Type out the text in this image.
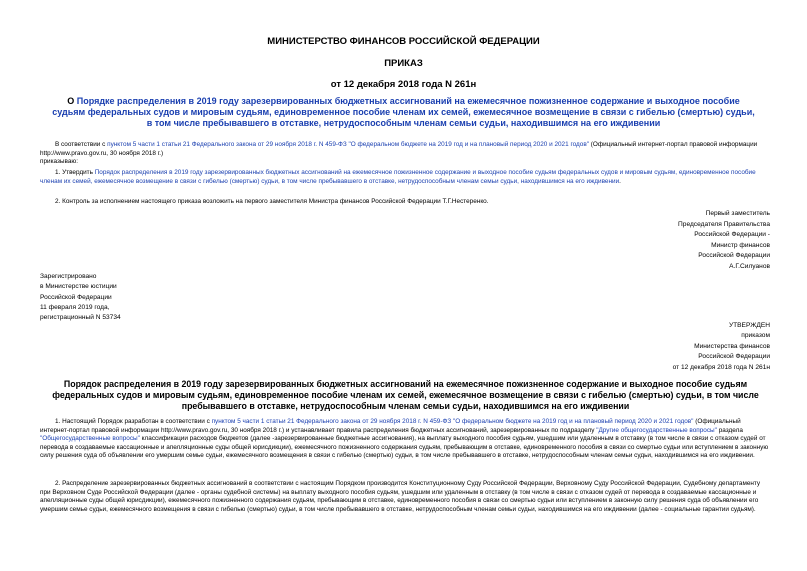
МИНИСТЕРСТВО ФИНАНСОВ РОССИЙСКОЙ ФЕДЕРАЦИИ
ПРИКАЗ
от 12 декабря 2018 года N 261н
О Порядке распределения в 2019 году зарезервированных бюджетных ассигнований на ежемесячное пожизненное содержание и выходное пособие судьям федеральных судов и мировым судьям, единовременное пособие членам их семей, ежемесячное возмещение в связи с гибелью (смертью) судьи, в том числе пребывавшего в отставке, нетрудоспособным членам семьи судьи, находившимся на его иждивении
В соответствии с пунктом 5 части 1 статьи 21 Федерального закона от 29 ноября 2018 г. N 459-ФЗ "О федеральном бюджете на 2019 год и на плановый период 2020 и 2021 годов" (Официальный интернет-портал правовой информации http://www.pravo.gov.ru, 30 ноября 2018 г.)
приказываю:
1. Утвердить Порядок распределения в 2019 году зарезервированных бюджетных ассигнований на ежемесячное пожизненное содержание и выходное пособие судьям федеральных судов и мировым судьям, единовременное пособие членам их семей, ежемесячное возмещение в связи с гибелью (смертью) судьи, в том числе пребывавшего в отставке, нетрудоспособным членам семьи судьи, находившимся на его иждивении.
2. Контроль за исполнением настоящего приказа возложить на первого заместителя Министра финансов Российской Федерации Т.Г.Нестеренко.
Первый заместитель
Председателя Правительства
Российской Федерации -
Министр финансов
Российской Федерации
А.Г.Силуанов
Зарегистрировано
в Министерстве юстиции
Российской Федерации
11 февраля 2019 года,
регистрационный N 53734
УТВЕРЖДЕН
приказом
Министерства финансов
Российской Федерации
от 12 декабря 2018 года N 261н
Порядок распределения в 2019 году зарезервированных бюджетных ассигнований на ежемесячное пожизненное содержание и выходное пособие судьям федеральных судов и мировым судьям, единовременное пособие членам их семей, ежемесячное возмещение в связи с гибелью (смертью) судьи, в том числе пребывавшего в отставке, нетрудоспособным членам семьи судьи, находившимся на его иждивении
1. Настоящий Порядок разработан в соответствии с пунктом 5 части 1 статьи 21 Федерального закона от 29 ноября 2018 г. N 459-ФЗ "О федеральном бюджете на 2019 год и на плановый период 2020 и 2021 годов" (Официальный интернет-портал правовой информации http://www.pravo.gov.ru, 30 ноября 2018 г.) и устанавливает правила распределения бюджетных ассигнований, зарезервированных по подразделу "Другие общегосударственные вопросы" раздела "Общегосударственные вопросы" классификации расходов бюджетов (далее -зарезервированные бюджетные ассигнования), на выплату выходного пособия судьям, ушедшим или удаленным в отставку (в том числе в связи с отказом судей от перевода в создаваемые кассационные и апелляционные суды общей юрисдикции), ежемесячного пожизненного содержания судьям, пребывающим в отставке, единовременного пособия в связи со смертью судьи или вступлением в законную силу решения суда об объявлении его умершим семье судьи, ежемесячного возмещения в связи с гибелью (смертью) судьи, в том числе пребывавшего в отставке, нетрудоспособным членам семьи судьи, находившимся на его иждивении.
2. Распределение зарезервированных бюджетных ассигнований в соответствии с настоящим Порядком производится Конституционному Суду Российской Федерации, Верховному Суду Российской Федерации, Судебному департаменту при Верховном Суде Российской Федерации (далее - органы судебной системы) на выплату выходного пособия судьям, ушедшим или удаленным в отставку (в том числе в связи с отказом судей от перевода в создаваемые кассационные и апелляционные суды общей юрисдикции), ежемесячного пожизненного содержания судьям, пребывающим в отставке, единовременного пособия в связи со смертью судьи или вступлением в законную силу решения суда об объявлении его умершим семье судьи, ежемесячного возмещения в связи с гибелью (смертью) судьи, в том числе пребывавшего в отставке, нетрудоспособным членам семьи судьи, находившимся на его иждивении (далее - социальные гарантии судьям).
